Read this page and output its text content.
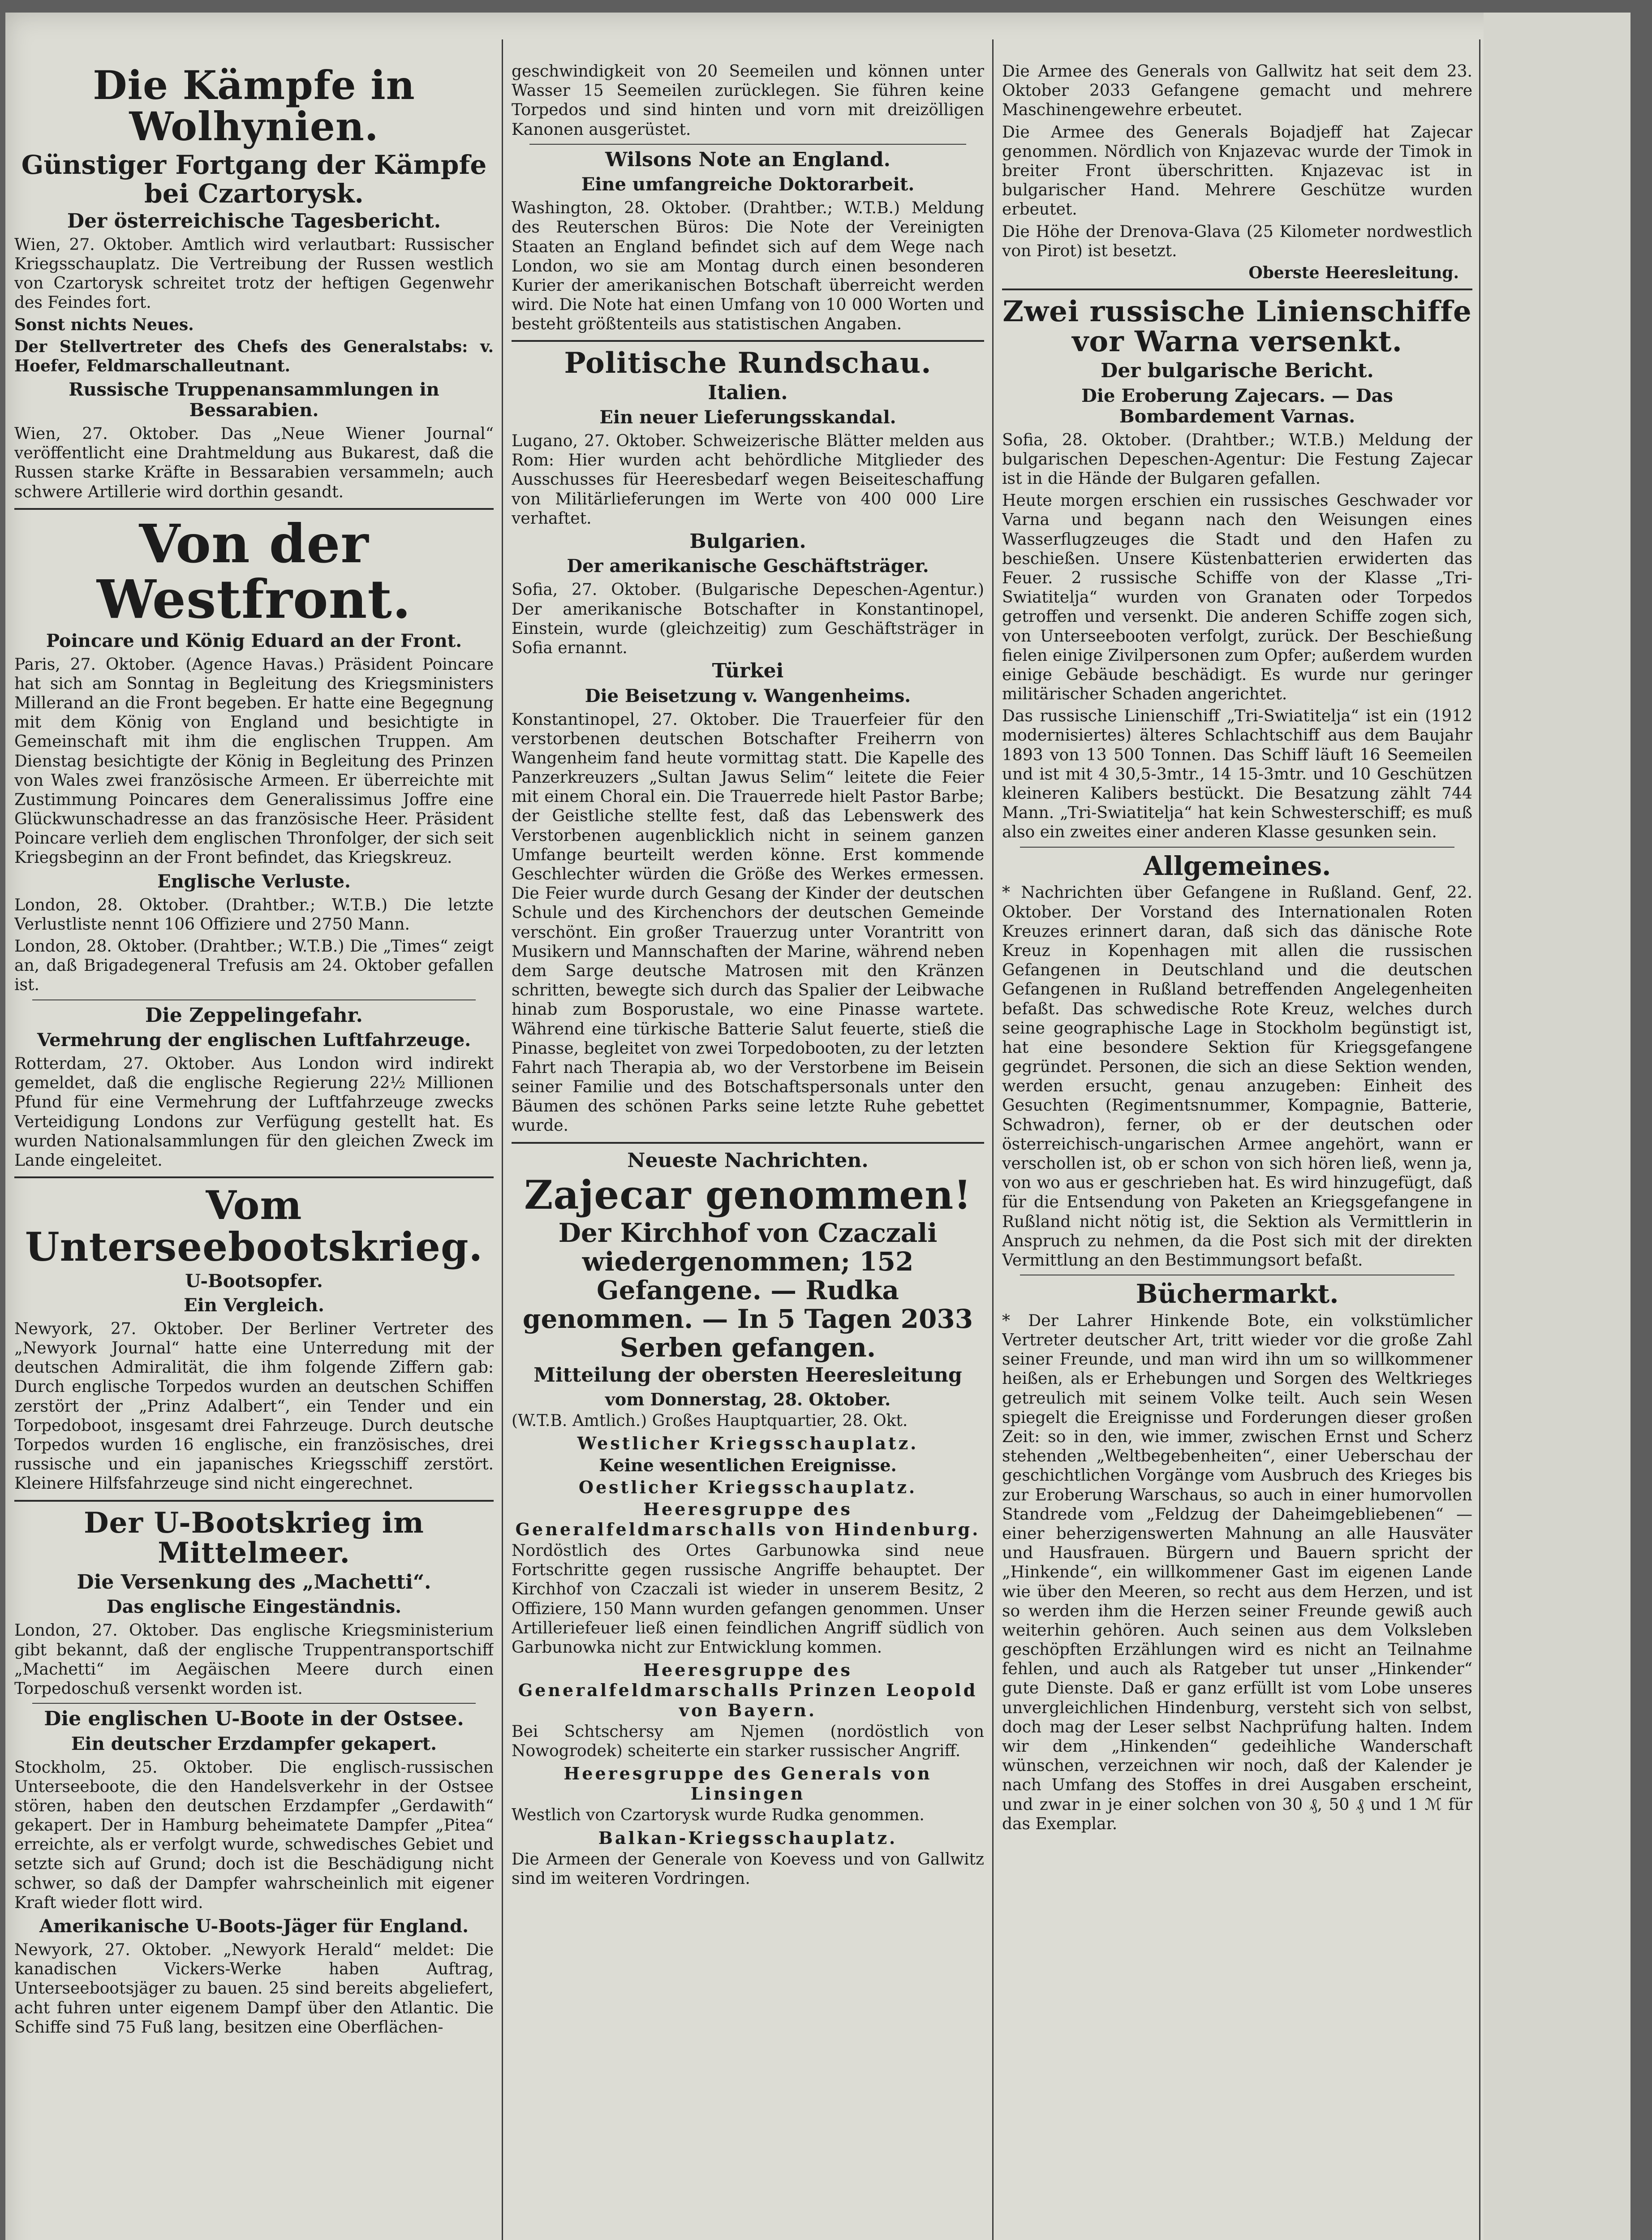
Die Kämpfe in Wolhynien.
Günstiger Fortgang der Kämpfe bei Czartorysk.
Der österreichische Tagesbericht.

Wien, 27. Oktober. Amtlich wird verlautbart: Russischer Kriegsschauplatz. Die Vertreibung der Russen westlich von Czartorysk schreitet trotz der heftigen Gegenwehr des Feindes fort.

Sonst nichts Neues.

Der Stellvertreter des Chefs des Generalstabs: v. Hoefer, Feldmarschalleutnant.

Russische Truppenansammlungen in Bessarabien.

Wien, 27. Oktober. Das „Neue Wiener Journal“ veröffentlicht eine Drahtmeldung aus Bukarest, daß die Russen starke Kräfte in Bessarabien versammeln; auch schwere Artillerie wird dorthin gesandt.

Von der Westfront.
Poincare und König Eduard an der Front.

Paris, 27. Oktober. (Agence Havas.) Präsident Poincare hat sich am Sonntag in Begleitung des Kriegsministers Millerand an die Front begeben. Er hatte eine Begegnung mit dem König von England und besichtigte in Gemeinschaft mit ihm die englischen Truppen. Am Dienstag besichtigte der König in Begleitung des Prinzen von Wales zwei französische Armeen. Er überreichte mit Zustimmung Poincares dem Generalissimus Joffre eine Glückwunschadresse an das französische Heer. Präsident Poincare verlieh dem englischen Thronfolger, der sich seit Kriegsbeginn an der Front befindet, das Kriegskreuz.

Englische Verluste.

London, 28. Oktober. (Drahtber.; W.T.B.) Die letzte Verlustliste nennt 106 Offiziere und 2750 Mann.

London, 28. Oktober. (Drahtber.; W.T.B.) Die „Times“ zeigt an, daß Brigadegeneral Trefusis am 24. Oktober gefallen ist.

Die Zeppelingefahr.
Vermehrung der englischen Luftfahrzeuge.

Rotterdam, 27. Oktober. Aus London wird indirekt gemeldet, daß die englische Regierung 22½ Millionen Pfund für eine Vermehrung der Luftfahrzeuge zwecks Verteidigung Londons zur Verfügung gestellt hat. Es wurden Nationalsammlungen für den gleichen Zweck im Lande eingeleitet.

Vom Unterseebootskrieg.
U-Bootsopfer.
Ein Vergleich.

Newyork, 27. Oktober. Der Berliner Vertreter des „Newyork Journal“ hatte eine Unterredung mit der deutschen Admiralität, die ihm folgende Ziffern gab: Durch englische Torpedos wurden an deutschen Schiffen zerstört der „Prinz Adalbert“, ein Tender und ein Torpedoboot, insgesamt drei Fahrzeuge. Durch deutsche Torpedos wurden 16 englische, ein französisches, drei russische und ein japanisches Kriegsschiff zerstört. Kleinere Hilfsfahrzeuge sind nicht eingerechnet.

Der U-Bootskrieg im Mittelmeer.
Die Versenkung des „Machetti“.
Das englische Eingeständnis.

London, 27. Oktober. Das englische Kriegsministerium gibt bekannt, daß der englische Truppentransportschiff „Machetti“ im Aegäischen Meere durch einen Torpedoschuß versenkt worden ist.

Die englischen U-Boote in der Ostsee.
Ein deutscher Erzdampfer gekapert.

Stockholm, 25. Oktober. Die englisch-russischen Unterseeboote, die den Handelsverkehr in der Ostsee stören, haben den deutschen Erzdampfer „Gerdawith“ gekapert. Der in Hamburg beheimatete Dampfer „Pitea“ erreichte, als er verfolgt wurde, schwedisches Gebiet und setzte sich auf Grund; doch ist die Beschädigung nicht schwer, so daß der Dampfer wahrscheinlich mit eigener Kraft wieder flott wird.

Amerikanische U-Boots-Jäger für England.

Newyork, 27. Oktober. „Newyork Herald“ meldet: Die kanadischen Vickers-Werke haben Auftrag, Unterseebootsjäger zu bauen. 25 sind bereits abgeliefert, acht fuhren unter eigenem Dampf über den Atlantic. Die Schiffe sind 75 Fuß lang, besitzen eine Oberflächen-

geschwindigkeit von 20 Seemeilen und können unter Wasser 15 Seemeilen zurücklegen. Sie führen keine Torpedos und sind hinten und vorn mit dreizölligen Kanonen ausgerüstet.

Wilsons Note an England.
Eine umfangreiche Doktorarbeit.

Washington, 28. Oktober. (Drahtber.; W.T.B.) Meldung des Reuterschen Büros: Die Note der Vereinigten Staaten an England befindet sich auf dem Wege nach London, wo sie am Montag durch einen besonderen Kurier der amerikanischen Botschaft überreicht werden wird. Die Note hat einen Umfang von 10 000 Worten und besteht größtenteils aus statistischen Angaben.

Politische Rundschau.
Italien.
Ein neuer Lieferungsskandal.

Lugano, 27. Oktober. Schweizerische Blätter melden aus Rom: Hier wurden acht behördliche Mitglieder des Ausschusses für Heeresbedarf wegen Beiseiteschaffung von Militärlieferungen im Werte von 400 000 Lire verhaftet.

Bulgarien.
Der amerikanische Geschäftsträger.

Sofia, 27. Oktober. (Bulgarische Depeschen-Agentur.) Der amerikanische Botschafter in Konstantinopel, Einstein, wurde (gleichzeitig) zum Geschäftsträger in Sofia ernannt.

Türkei
Die Beisetzung v. Wangenheims.

Konstantinopel, 27. Oktober. Die Trauerfeier für den verstorbenen deutschen Botschafter Freiherrn von Wangenheim fand heute vormittag statt. Die Kapelle des Panzerkreuzers „Sultan Jawus Selim“ leitete die Feier mit einem Choral ein. Die Trauerrede hielt Pastor Barbe; der Geistliche stellte fest, daß das Lebenswerk des Verstorbenen augenblicklich nicht in seinem ganzen Umfange beurteilt werden könne. Erst kommende Geschlechter würden die Größe des Werkes ermessen. Die Feier wurde durch Gesang der Kinder der deutschen Schule und des Kirchenchors der deutschen Gemeinde verschönt. Ein großer Trauerzug unter Vorantritt von Musikern und Mannschaften der Marine, während neben dem Sarge deutsche Matrosen mit den Kränzen schritten, bewegte sich durch das Spalier der Leibwache hinab zum Bosporustale, wo eine Pinasse wartete. Während eine türkische Batterie Salut feuerte, stieß die Pinasse, begleitet von zwei Torpedobooten, zu der letzten Fahrt nach Therapia ab, wo der Verstorbene im Beisein seiner Familie und des Botschaftspersonals unter den Bäumen des schönen Parks seine letzte Ruhe gebettet wurde.

Neueste Nachrichten.
Zajecar genommen!
Der Kirchhof von Czaczali wiedergenommen; 152 Gefangene. — Rudka genommen. — In 5 Tagen 2033 Serben gefangen.
Mitteilung der obersten Heeresleitung
vom Donnerstag, 28. Oktober.

(W.T.B. Amtlich.) Großes Hauptquartier, 28. Okt.

Westlicher Kriegsschauplatz.
Keine wesentlichen Ereignisse.
Oestlicher Kriegsschauplatz.
Heeresgruppe des Generalfeldmarschalls von Hindenburg.

Nordöstlich des Ortes Garbunowka sind neue Fortschritte gegen russische Angriffe behauptet. Der Kirchhof von Czaczali ist wieder in unserem Besitz, 2 Offiziere, 150 Mann wurden gefangen genommen. Unser Artilleriefeuer ließ einen feindlichen Angriff südlich von Garbunowka nicht zur Entwicklung kommen.

Heeresgruppe des Generalfeldmarschalls Prinzen Leopold von Bayern.

Bei Schtschersy am Njemen (nordöstlich von Nowogrodek) scheiterte ein starker russischer Angriff.

Heeresgruppe des Generals von Linsingen

Westlich von Czartorysk wurde Rudka genommen.

Balkan-Kriegsschauplatz.

Die Armeen der Generale von Koevess und von Gallwitz sind im weiteren Vordringen.

Die Armee des Generals von Gallwitz hat seit dem 23. Oktober 2033 Gefangene gemacht und mehrere Maschinengewehre erbeutet.

Die Armee des Generals Bojadjeff hat Zajecar genommen. Nördlich von Knjazevac wurde der Timok in breiter Front überschritten. Knjazevac ist in bulgarischer Hand. Mehrere Geschütze wurden erbeutet.

Die Höhe der Drenova-Glava (25 Kilometer nordwestlich von Pirot) ist besetzt.

Oberste Heeresleitung.
Zwei russische Linienschiffe vor Warna versenkt.
Der bulgarische Bericht.
Die Eroberung Zajecars. — Das Bombardement Varnas.

Sofia, 28. Oktober. (Drahtber.; W.T.B.) Meldung der bulgarischen Depeschen-Agentur: Die Festung Zajecar ist in die Hände der Bulgaren gefallen.

Heute morgen erschien ein russisches Geschwader vor Varna und begann nach den Weisungen eines Wasserflugzeuges die Stadt und den Hafen zu beschießen. Unsere Küstenbatterien erwiderten das Feuer. 2 russische Schiffe von der Klasse „Tri-Swiatitelja“ wurden von Granaten oder Torpedos getroffen und versenkt. Die anderen Schiffe zogen sich, von Unterseebooten verfolgt, zurück. Der Beschießung fielen einige Zivilpersonen zum Opfer; außerdem wurden einige Gebäude beschädigt. Es wurde nur geringer militärischer Schaden angerichtet.

Das russische Linienschiff „Tri-Swiatitelja“ ist ein (1912 modernisiertes) älteres Schlachtschiff aus dem Baujahr 1893 von 13 500 Tonnen. Das Schiff läuft 16 Seemeilen und ist mit 4 30,5-3mtr., 14 15-3mtr. und 10 Geschützen kleineren Kalibers bestückt. Die Besatzung zählt 744 Mann. „Tri-Swiatitelja“ hat kein Schwesterschiff; es muß also ein zweites einer anderen Klasse gesunken sein.

Allgemeines.

* Nachrichten über Gefangene in Rußland. Genf, 22. Oktober. Der Vorstand des Internationalen Roten Kreuzes erinnert daran, daß sich das dänische Rote Kreuz in Kopenhagen mit allen die russischen Gefangenen in Deutschland und die deutschen Gefangenen in Rußland betreffenden Angelegenheiten befaßt. Das schwedische Rote Kreuz, welches durch seine geographische Lage in Stockholm begünstigt ist, hat eine besondere Sektion für Kriegsgefangene gegründet. Personen, die sich an diese Sektion wenden, werden ersucht, genau anzugeben: Einheit des Gesuchten (Regimentsnummer, Kompagnie, Batterie, Schwadron), ferner, ob er der deutschen oder österreichisch-ungarischen Armee angehört, wann er verschollen ist, ob er schon von sich hören ließ, wenn ja, von wo aus er geschrieben hat. Es wird hinzugefügt, daß für die Entsendung von Paketen an Kriegsgefangene in Rußland nicht nötig ist, die Sektion als Vermittlerin in Anspruch zu nehmen, da die Post sich mit der direkten Vermittlung an den Bestimmungsort befaßt.

Büchermarkt.

* Der Lahrer Hinkende Bote, ein volkstümlicher Vertreter deutscher Art, tritt wieder vor die große Zahl seiner Freunde, und man wird ihn um so willkommener heißen, als er Erhebungen und Sorgen des Weltkrieges getreulich mit seinem Volke teilt. Auch sein Wesen spiegelt die Ereignisse und Forderungen dieser großen Zeit: so in den, wie immer, zwischen Ernst und Scherz stehenden „Weltbegebenheiten“, einer Ueberschau der geschichtlichen Vorgänge vom Ausbruch des Krieges bis zur Eroberung Warschaus, so auch in einer humorvollen Standrede vom „Feldzug der Daheimgebliebenen“ — einer beherzigenswerten Mahnung an alle Hausväter und Hausfrauen. Bürgern und Bauern spricht der „Hinkende“, ein willkommener Gast im eigenen Lande wie über den Meeren, so recht aus dem Herzen, und ist so werden ihm die Herzen seiner Freunde gewiß auch weiterhin gehören. Auch seinen aus dem Volksleben geschöpften Erzählungen wird es nicht an Teilnahme fehlen, und auch als Ratgeber tut unser „Hinkender“ gute Dienste. Daß er ganz erfüllt ist vom Lobe unseres unvergleichlichen Hindenburg, versteht sich von selbst, doch mag der Leser selbst Nachprüfung halten. Indem wir dem „Hinkenden“ gedeihliche Wanderschaft wünschen, verzeichnen wir noch, daß der Kalender je nach Umfang des Stoffes in drei Ausgaben erscheint, und zwar in je einer solchen von 30 ₰, 50 ₰ und 1 ℳ für das Exemplar.
